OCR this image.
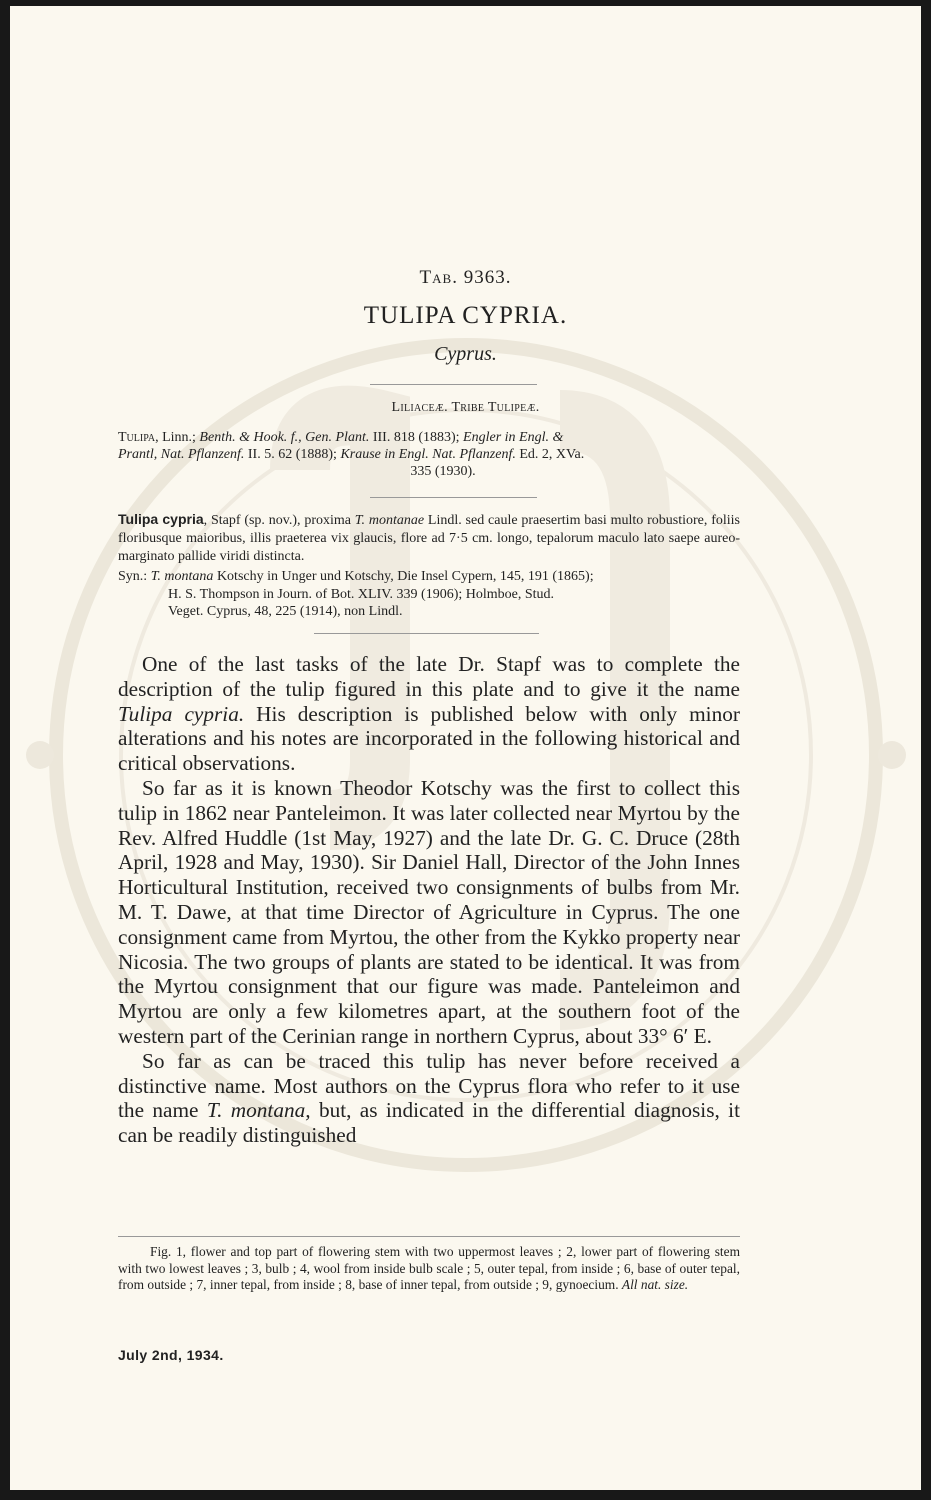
Tab. 9363.
TULIPA CYPRIA.
Cyprus.
Liliaceæ. Tribe Tulipeæ.
Tulipa, Linn.; Benth. & Hook. f., Gen. Plant. III. 818 (1883); Engler in Engl. &
Prantl, Nat. Pflanzenf. II. 5. 62 (1888); Krause in Engl. Nat. Pflanzenf. Ed. 2, XVa.
335 (1930).
Tulipa cypria, Stapf (sp. nov.), proxima T. montanae Lindl. sed caule praesertim basi multo robustiore, foliis floribusque maioribus, illis praeterea vix glaucis, flore ad 7·5 cm. longo, tepalorum maculo lato saepe aureo-marginato pallide viridi distincta.
Syn.: T. montana Kotschy in Unger und Kotschy, Die Insel Cypern, 145, 191 (1865);
H. S. Thompson in Journ. of Bot. XLIV. 339 (1906); Holmboe, Stud.
Veget. Cyprus, 48, 225 (1914), non Lindl.

One of the last tasks of the late Dr. Stapf was to complete the description of the tulip figured in this plate and to give it the name Tulipa cypria. His description is published below with only minor alterations and his notes are incorporated in the following historical and critical observations.

So far as it is known Theodor Kotschy was the first to collect this tulip in 1862 near Panteleimon. It was later collected near Myrtou by the Rev. Alfred Huddle (1st May, 1927) and the late Dr. G. C. Druce (28th April, 1928 and May, 1930). Sir Daniel Hall, Director of the John Innes Horticultural Institution, received two consignments of bulbs from Mr. M. T. Dawe, at that time Director of Agriculture in Cyprus. The one consignment came from Myrtou, the other from the Kykko property near Nicosia. The two groups of plants are stated to be identical. It was from the Myrtou consignment that our figure was made. Panteleimon and Myrtou are only a few kilometres apart, at the southern foot of the western part of the Cerinian range in northern Cyprus, about 33° 6′ E.

So far as can be traced this tulip has never before received a distinctive name. Most authors on the Cyprus flora who refer to it use the name T. montana, but, as indicated in the differential diagnosis, it can be readily distinguished

Fig. 1, flower and top part of flowering stem with two uppermost leaves ; 2, lower part of flowering stem with two lowest leaves ; 3, bulb ; 4, wool from inside bulb scale ; 5, outer tepal, from inside ; 6, base of outer tepal, from outside ; 7, inner tepal, from inside ; 8, base of inner tepal, from outside ; 9, gynoecium. All nat. size.

July 2nd, 1934.
